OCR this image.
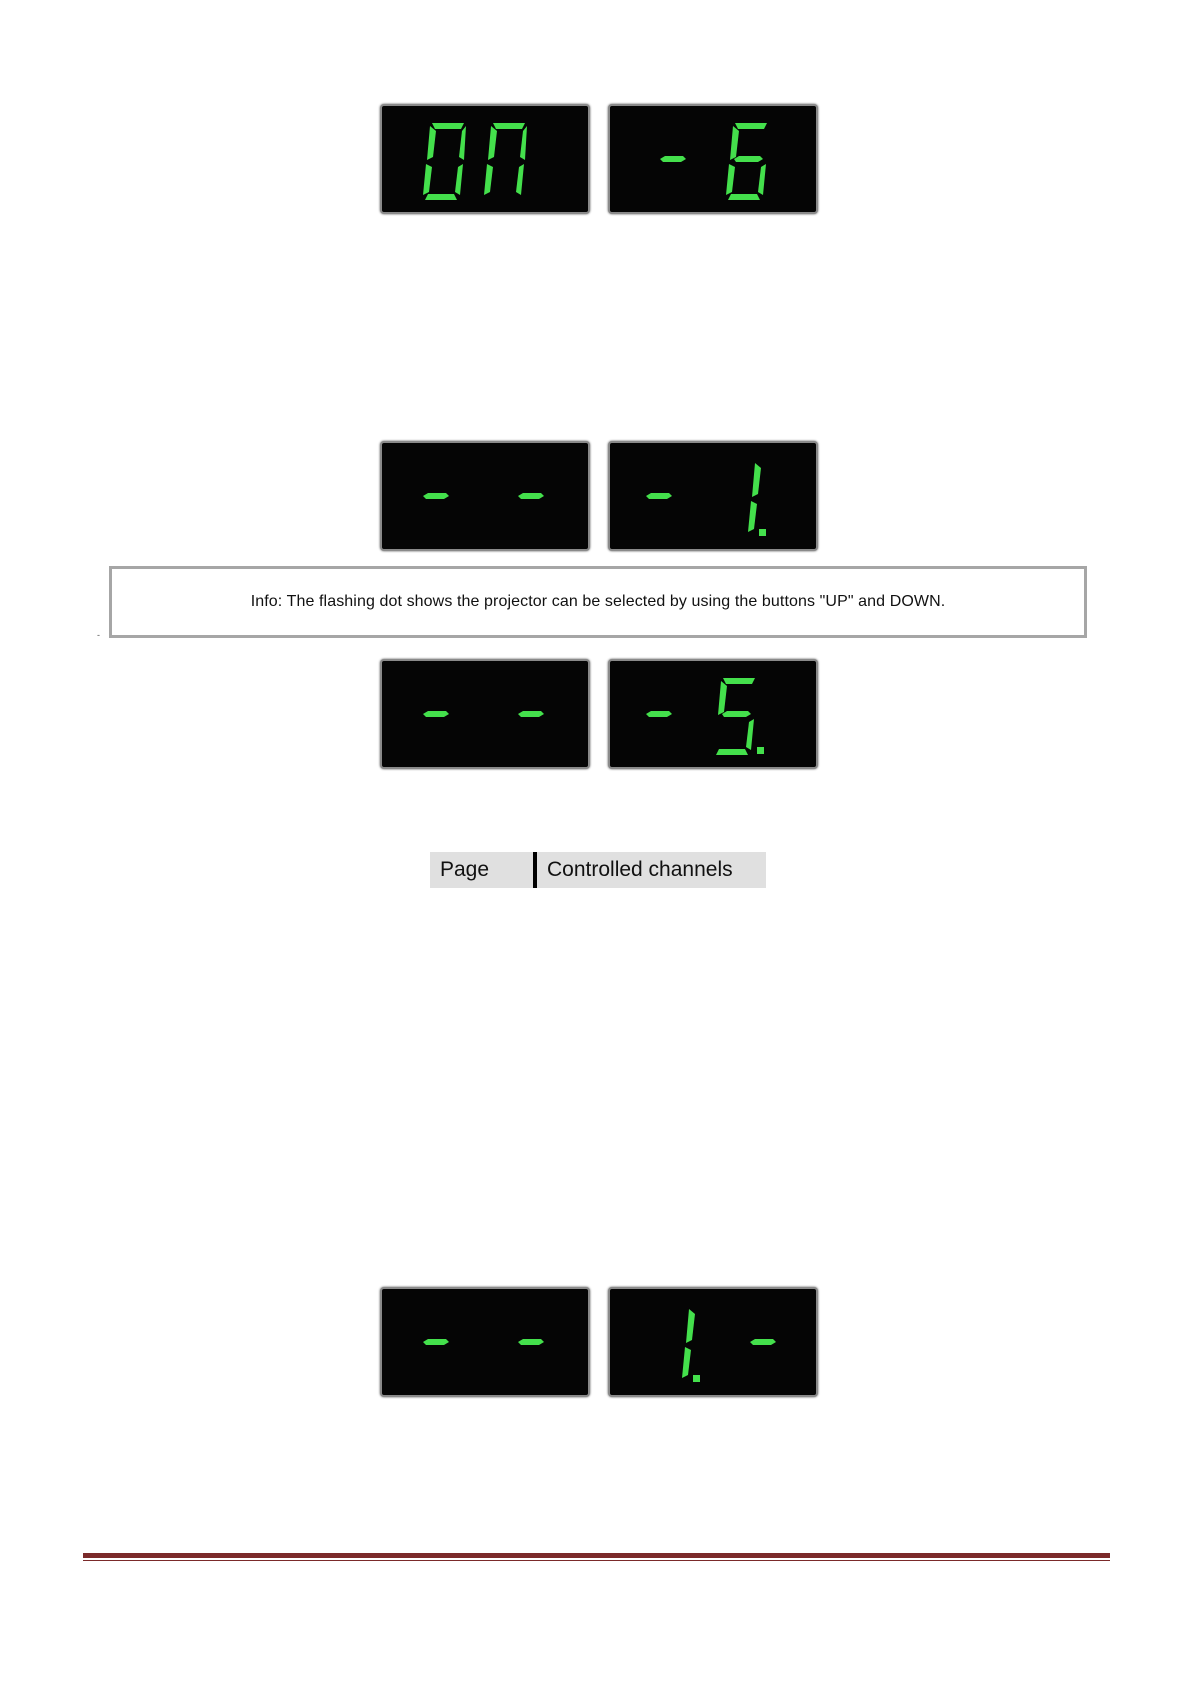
Info: The flashing dot shows the projector can be selected by using the buttons "UP" and DOWN.
-
Page	Controlled channels
